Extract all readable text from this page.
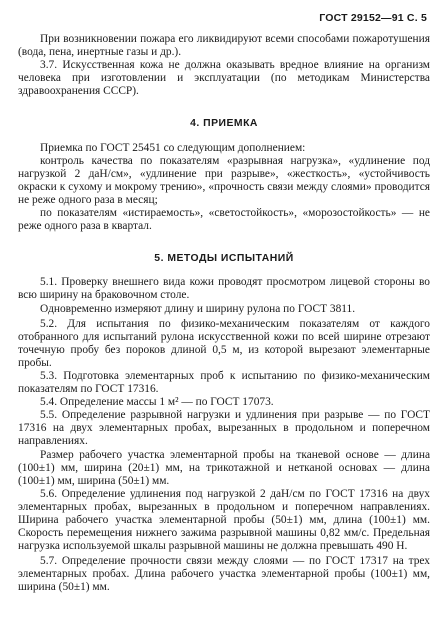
ГОСТ 29152—91 С. 5

При возникновении пожара его ликвидируют всеми способами пожаротушения (вода, пена, инертные газы и др.).

3.7. Искусственная кожа не должна оказывать вредное влияние на организм человека при изготовлении и эксплуатации (по методикам Министерства здравоохранения СССР).

4. ПРИЕМКА

Приемка по ГОСТ 25451 со следующим дополнением:

контроль качества по показателям «разрывная нагрузка», «удлинение под нагрузкой 2 даН/см», «удлинение при разрыве», «жесткость», «устойчивость окраски к сухому и мокрому трению», «прочность связи между слоями» проводится не реже одного раза в месяц;

по показателям «истираемость», «светостойкость», «морозостойкость» — не реже одного раза в квартал.

5. МЕТОДЫ ИСПЫТАНИЙ

5.1. Проверку внешнего вида кожи проводят просмотром лицевой стороны во всю ширину на браковочном столе.

Одновременно измеряют длину и ширину рулона по ГОСТ 3811.

5.2. Для испытания по физико-механическим показателям от каждого отобранного для испытаний рулона искусственной кожи по всей ширине отрезают точечную пробу без пороков длиной 0,5 м, из которой вырезают элементарные пробы.

5.3. Подготовка элементарных проб к испытанию по физико-механическим показателям по ГОСТ 17316.

5.4. Определение массы 1 м² — по ГОСТ 17073.

5.5. Определение разрывной нагрузки и удлинения при разрыве — по ГОСТ 17316 на двух элементарных пробах, вырезанных в продольном и поперечном направлениях.

Размер рабочего участка элементарной пробы на тканевой основе — длина (100±1) мм, ширина (20±1) мм, на трикотажной и нетканой основах — длина (100±1) мм, ширина (50±1) мм.

5.6. Определение удлинения под нагрузкой 2 даН/см по ГОСТ 17316 на двух элементарных пробах, вырезанных в продольном и поперечном направлениях. Ширина рабочего участка элементарной пробы (50±1) мм, длина (100±1) мм. Скорость перемещения нижнего зажима разрывной машины 0,82 мм/с. Предельная нагрузка используемой шкалы разрывной машины не должна превышать 490 Н.

5.7. Определение прочности связи между слоями — по ГОСТ 17317 на трех элементарных пробах. Длина рабочего участка элементарной пробы (100±1) мм, ширина (50±1) мм.
